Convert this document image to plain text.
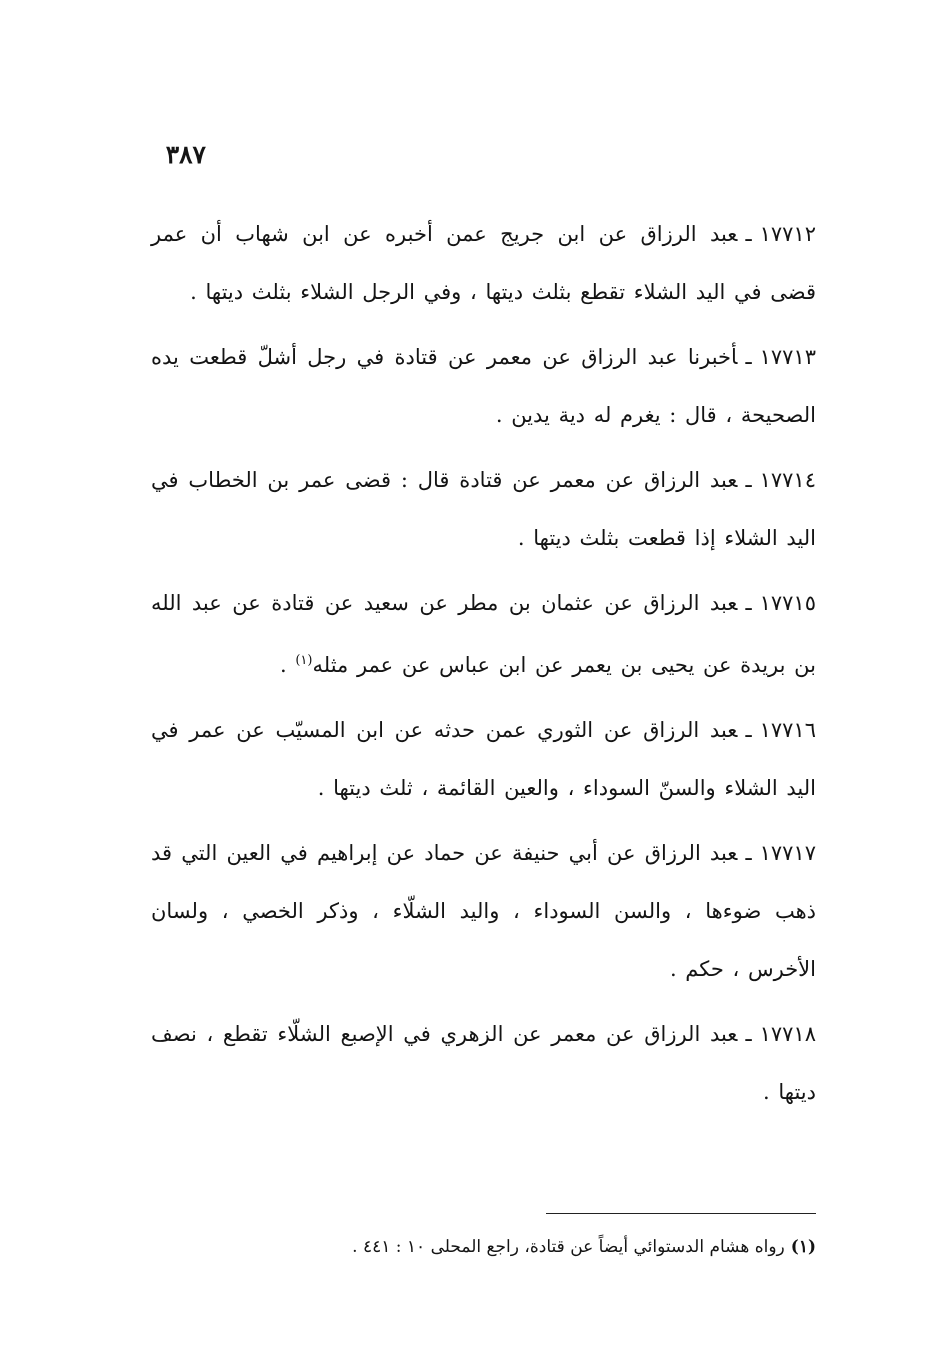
٣٨٧

١٧٧١٢ـعبد الرزاق عن ابن جريج عمن أخبره عن ابن شهاب أن عمر قضى في اليد الشلاء تقطع بثلث ديتها ، وفي الرجل الشلاء بثلث ديتها .

١٧٧١٣ـأخبرنا عبد الرزاق عن معمر عن قتادة في رجل أشلّ قطعت يده الصحيحة ، قال : يغرم له دية يدين .

١٧٧١٤ـعبد الرزاق عن معمر عن قتادة قال : قضى عمر بن الخطاب في اليد الشلاء إذا قطعت بثلث ديتها .

١٧٧١٥ـعبد الرزاق عن عثمان بن مطر عن سعيد عن قتادة عن عبد الله بن بريدة عن يحيى بن يعمر عن ابن عباس عن عمر مثله$^{(١)}$ .

١٧٧١٦ـعبد الرزاق عن الثوري عمن حدثه عن ابن المسيّب عن عمر في اليد الشلاء والسنّ السوداء ، والعين القائمة ، ثلث ديتها .

١٧٧١٧ـعبد الرزاق عن أبي حنيفة عن حماد عن إبراهيم في العين التي قد ذهب ضوءها ، والسن السوداء ، واليد الشلّاء ، وذكر الخصي ، ولسان الأخرس ، حكم .

١٧٧١٨ـعبد الرزاق عن معمر عن الزهري في الإصبع الشلّاء تقطع ، نصف ديتها .

(١)رواه هشام الدستوائي أيضاً عن قتادة، راجع المحلى ١٠ : ٤٤١ .
